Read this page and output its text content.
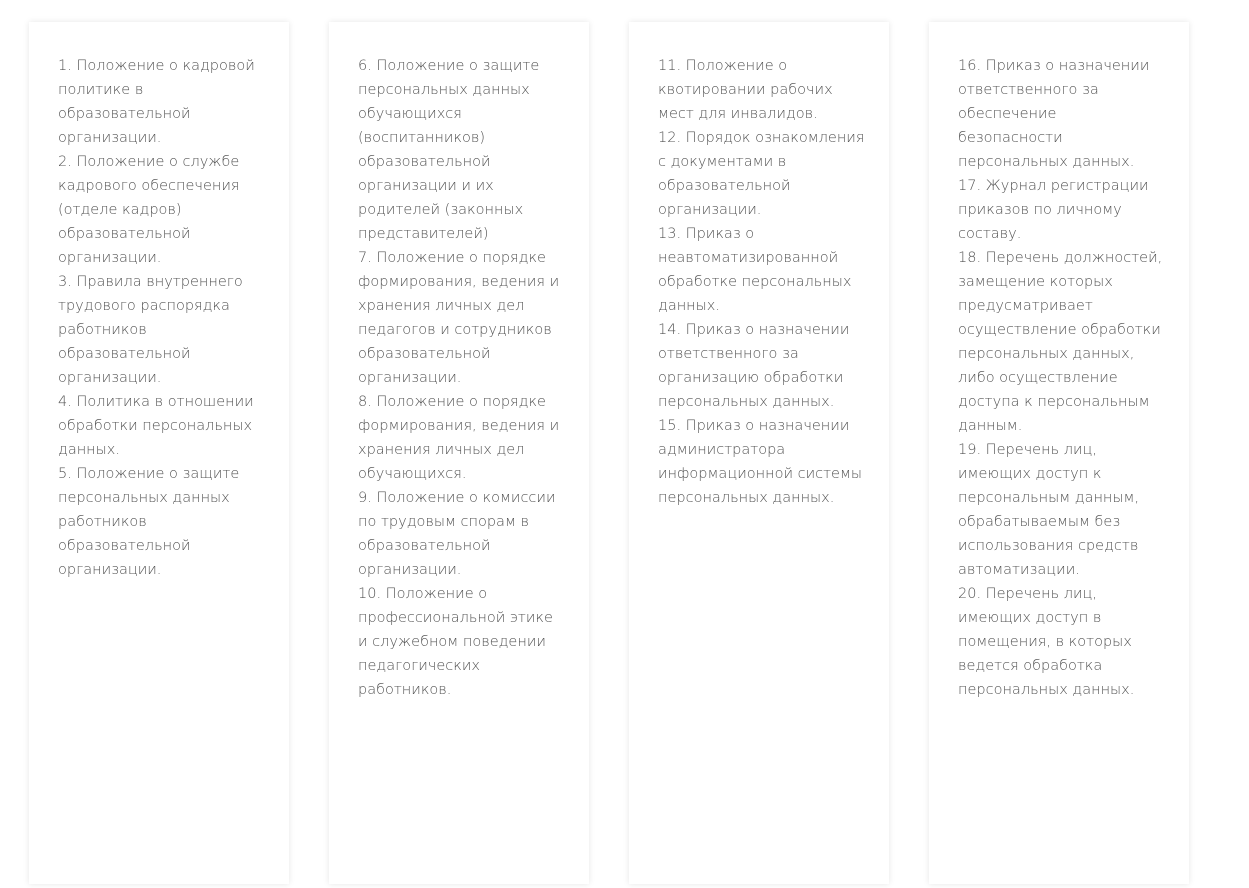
1. Положение о кадровой политике в образовательной организации.
2. Положение о службе кадрового обеспечения (отделе кадров) образовательной организации.
3. Правила внутреннего трудового распорядка работников образовательной организации.
4. Политика в отношении обработки персональных данных.
5. Положение о защите персональных данных работников образовательной организации.
6. Положение о защите персональных данных обучающихся (воспитанников) образовательной организации и их родителей (законных представителей)
7. Положение о порядке формирования, ведения и хранения личных дел педагогов и сотрудников образовательной организации.
8. Положение о порядке формирования, ведения и хранения личных дел обучающихся.
9. Положение о комиссии по трудовым спорам в образовательной организации.
10. Положение о профессиональной этике и служебном поведении педагогических работников.
11. Положение о квотировании рабочих мест для инвалидов.
12. Порядок ознакомления с документами в образовательной организации.
13. Приказ о неавтоматизированной обработке персональных данных.
14. Приказ о назначении ответственного за организацию обработки персональных данных.
15. Приказ о назначении администратора информационной системы персональных данных.
16. Приказ о назначении ответственного за обеспечение безопасности персональных данных.
17. Журнал регистрации приказов по личному составу.
18. Перечень должностей, замещение которых предусматривает осуществление обработки персональных данных, либо осуществление доступа к персональным данным.
19. Перечень лиц, имеющих доступ к персональным данным, обрабатываемым без использования средств автоматизации.
20. Перечень лиц, имеющих доступ в помещения, в которых ведется обработка персональных данных.
